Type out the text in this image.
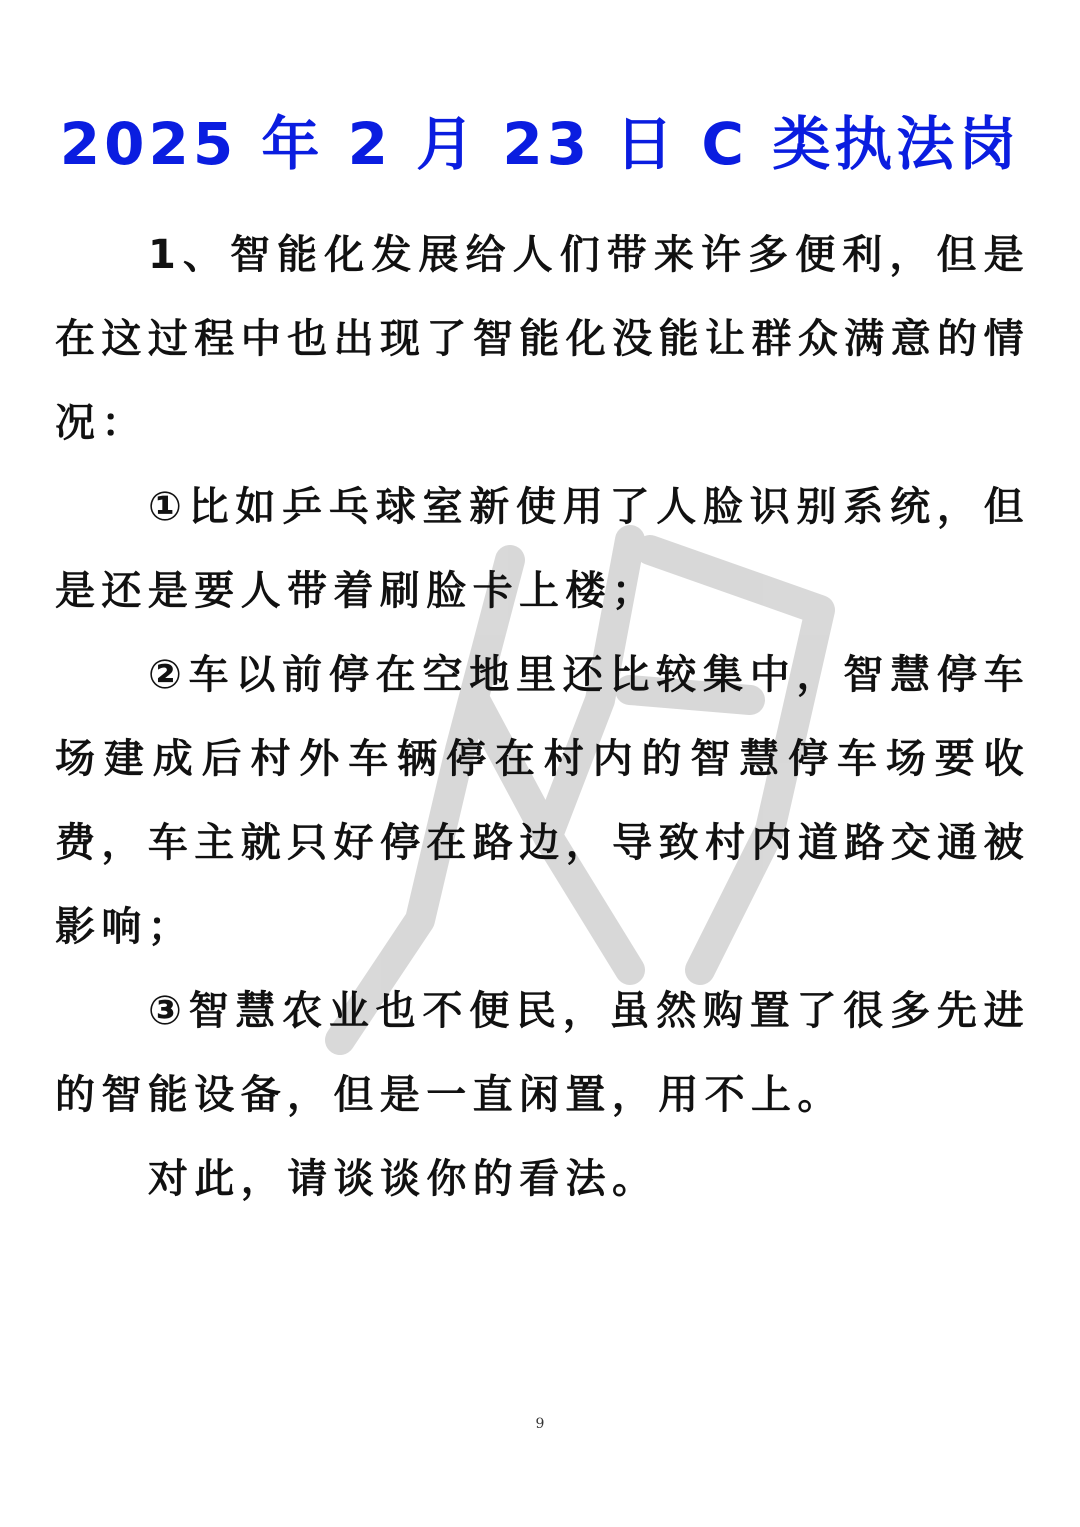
2025 年 2 月 23 日 C 类执法岗

1、智能化发展给人们带来许多便利，但是在这过程中也出现了智能化没能让群众满意的情况：

①比如乒乓球室新使用了人脸识别系统，但是还是要人带着刷脸卡上楼；

②车以前停在空地里还比较集中，智慧停车场建成后村外车辆停在村内的智慧停车场要收费，车主就只好停在路边，导致村内道路交通被影响；

③智慧农业也不便民，虽然购置了很多先进的智能设备，但是一直闲置，用不上。

对此，请谈谈你的看法。

9
